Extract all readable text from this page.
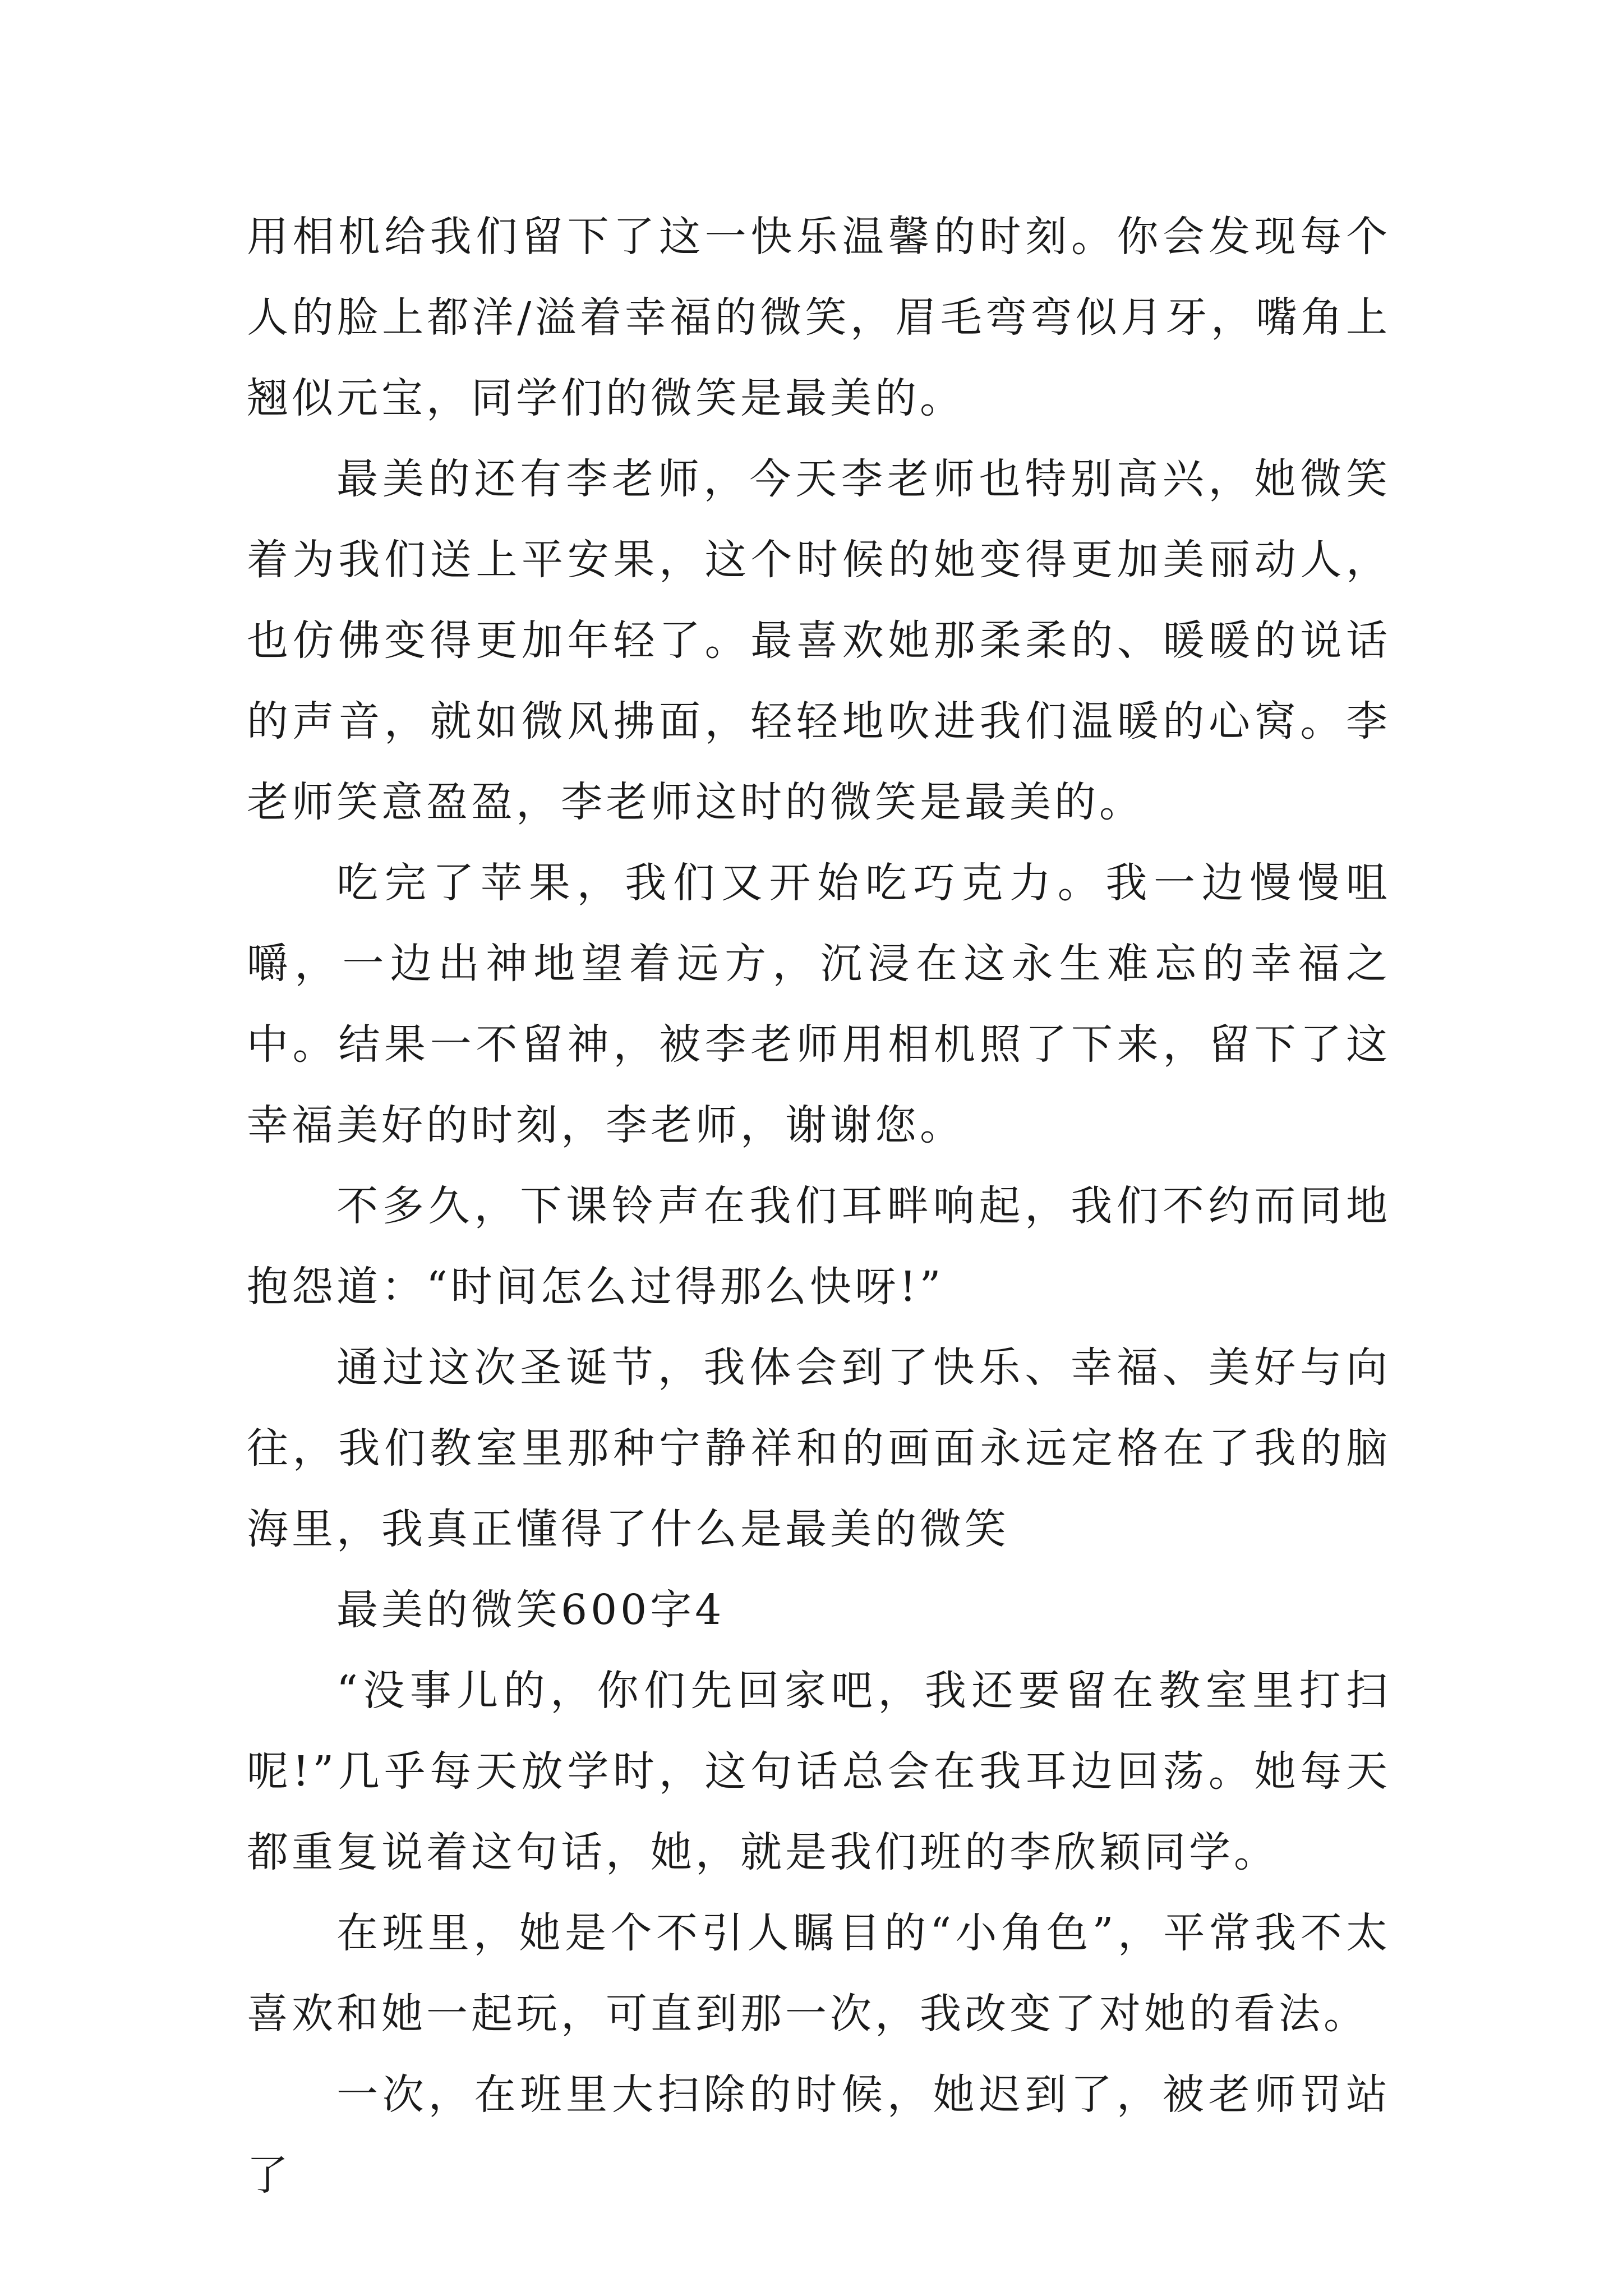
用相机给我们留下了这一快乐温馨的时刻。你会发现每个人的脸上都洋/溢着幸福的微笑，眉毛弯弯似月牙，嘴角上翘似元宝，同学们的微笑是最美的。

最美的还有李老师，今天李老师也特别高兴，她微笑着为我们送上平安果，这个时候的她变得更加美丽动人，也仿佛变得更加年轻了。最喜欢她那柔柔的、暖暖的说话的声音，就如微风拂面，轻轻地吹进我们温暖的心窝。李老师笑意盈盈，李老师这时的微笑是最美的。

吃完了苹果，我们又开始吃巧克力。我一边慢慢咀嚼，一边出神地望着远方，沉浸在这永生难忘的幸福之中。结果一不留神，被李老师用相机照了下来，留下了这幸福美好的时刻，李老师，谢谢您。

不多久，下课铃声在我们耳畔响起，我们不约而同地抱怨道：“时间怎么过得那么快呀!”

通过这次圣诞节，我体会到了快乐、幸福、美好与向往，我们教室里那种宁静祥和的画面永远定格在了我的脑海里，我真正懂得了什么是最美的微笑

最美的微笑600字4

“没事儿的，你们先回家吧，我还要留在教室里打扫呢!”几乎每天放学时，这句话总会在我耳边回荡。她每天都重复说着这句话，她，就是我们班的李欣颖同学。

在班里，她是个不引人瞩目的“小角色”，平常我不太喜欢和她一起玩，可直到那一次，我改变了对她的看法。

一次，在班里大扫除的时候，她迟到了，被老师罚站了
